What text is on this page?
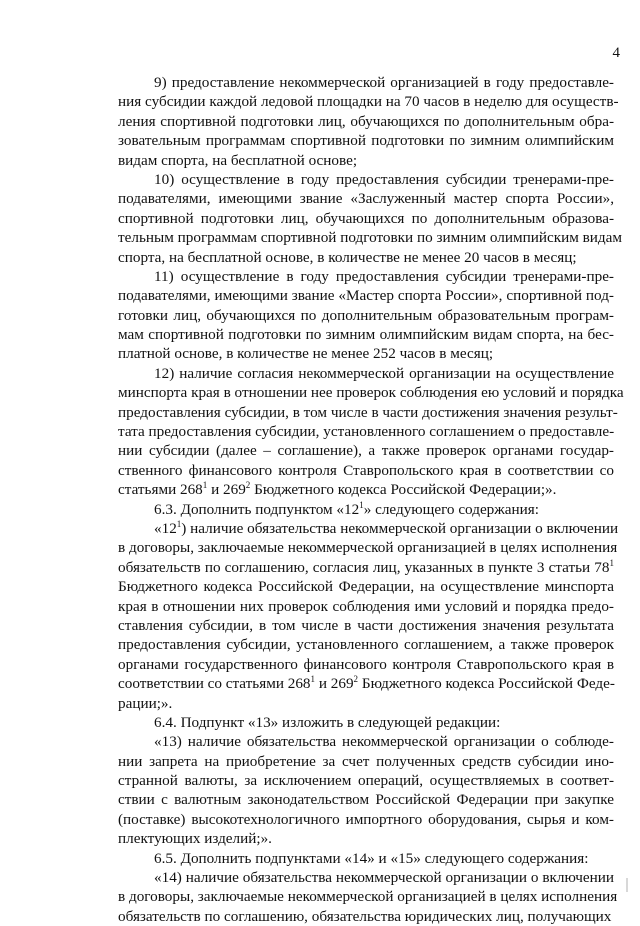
4
9) предоставление некоммерческой организацией в году предоставле-
ния субсидии каждой ледовой площадки на 70 часов в неделю для осуществ-
ления спортивной подготовки лиц, обучающихся по дополнительным обра-
зовательным программам спортивной подготовки по зимним олимпийским
видам спорта, на бесплатной основе;
10) осуществление в году предоставления субсидии тренерами-пре-
подавателями, имеющими звание «Заслуженный мастер спорта России»,
спортивной подготовки лиц, обучающихся по дополнительным образова-
тельным программам спортивной подготовки по зимним олимпийским видам
спорта, на бесплатной основе, в количестве не менее 20 часов в месяц;
11) осуществление в году предоставления субсидии тренерами-пре-
подавателями, имеющими звание «Мастер спорта России», спортивной под-
готовки лиц, обучающихся по дополнительным образовательным програм-
мам спортивной подготовки по зимним олимпийским видам спорта, на бес-
платной основе, в количестве не менее 252 часов в месяц;
12) наличие согласия некоммерческой организации на осуществление
минспорта края в отношении нее проверок соблюдения ею условий и порядка
предоставления субсидии, в том числе в части достижения значения результ-
тата предоставления субсидии, установленного соглашением о предоставле-
нии субсидии (далее – соглашение), а также проверок органами государ-
ственного финансового контроля Ставропольского края в соответствии со
статьями $268^1$ и $269^2$ Бюджетного кодекса Российской Федерации;».
6.3. Дополнить подпунктом «$12^1$» следующего содержания:
«$12^1$) наличие обязательства некоммерческой организации о включении
в договоры, заключаемые некоммерческой организацией в целях исполнения
обязательств по соглашению, согласия лиц, указанных в пункте 3 статьи $78^1$
Бюджетного кодекса Российской Федерации, на осуществление минспорта
края в отношении них проверок соблюдения ими условий и порядка предо-
ставления субсидии, в том числе в части достижения значения результата
предоставления субсидии, установленного соглашением, а также проверок
органами государственного финансового контроля Ставропольского края в
соответствии со статьями $268^1$ и $269^2$ Бюджетного кодекса Российской Феде-
рации;».
6.4. Подпункт «13» изложить в следующей редакции:
«13) наличие обязательства некоммерческой организации о соблюде-
нии запрета на приобретение за счет полученных средств субсидии ино-
странной валюты, за исключением операций, осуществляемых в соответ-
ствии с валютным законодательством Российской Федерации при закупке
(поставке) высокотехнологичного импортного оборудования, сырья и ком-
плектующих изделий;».
6.5. Дополнить подпунктами «14» и «15» следующего содержания:
«14) наличие обязательства некоммерческой организации о включении
в договоры, заключаемые некоммерческой организацией в целях исполнения
обязательств по соглашению, обязательства юридических лиц, получающих
